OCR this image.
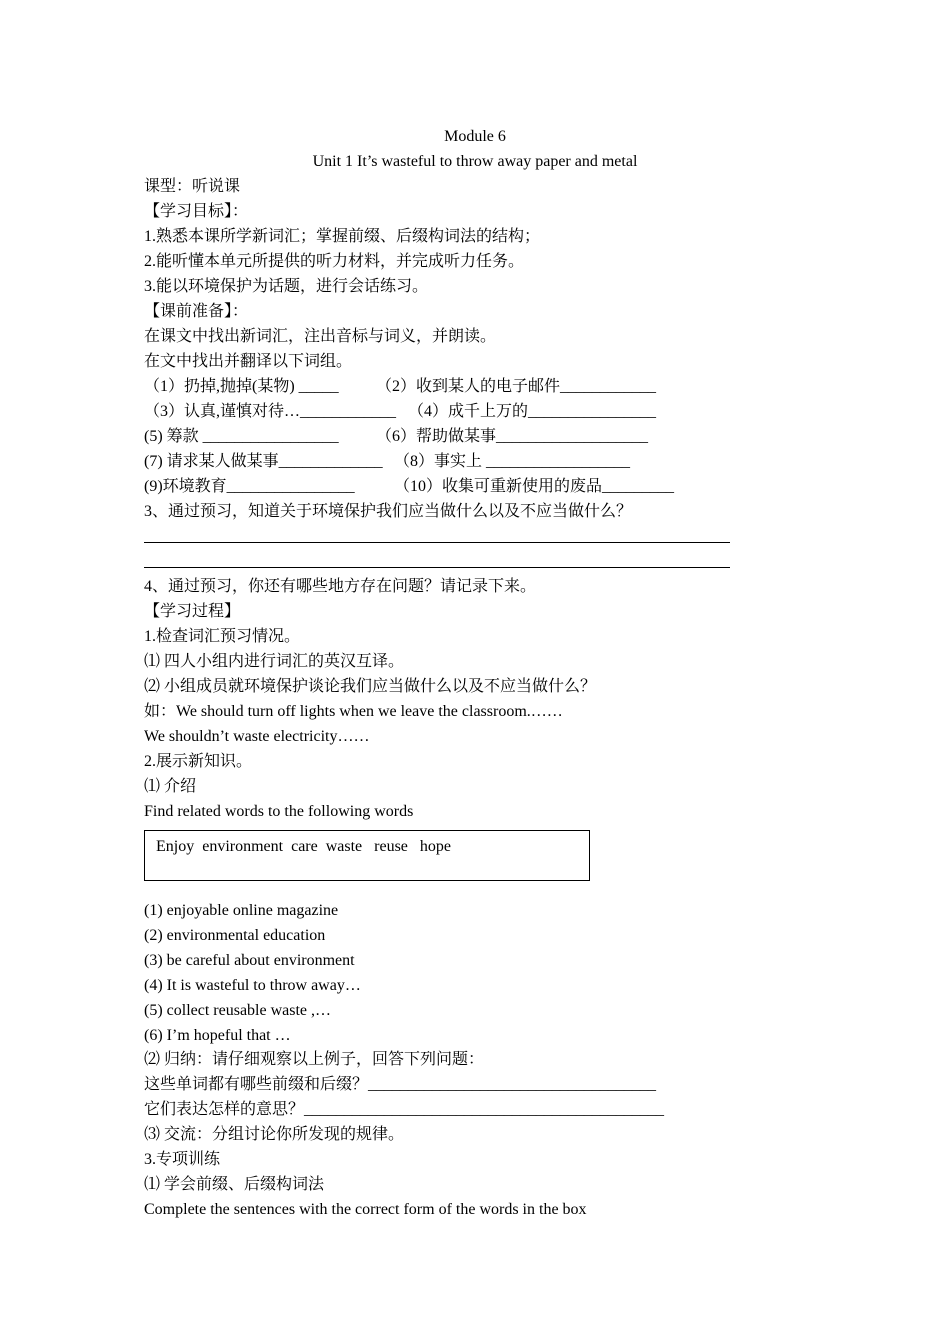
Module 6
Unit 1 It’s wasteful to throw away paper and metal
课型：听说课
【学习目标】：
1.熟悉本课所学新词汇；掌握前缀、后缀构词法的结构；
2.能听懂本单元所提供的听力材料，并完成听力任务。
3.能以环境保护为话题，进行会话练习。
【课前准备】：
在课文中找出新词汇，注出音标与词义，并朗读。
在文中找出并翻译以下词组。
（1）扔掉,抛掉(某物) _____ （2）收到某人的电子邮件____________
（3）认真,谨慎对待…____________ （4）成千上万的________________
(5) 筹款 _________________ （6）帮助做某事___________________
(7) 请求某人做某事_____________ （8）事实上 __________________
(9)环境教育________________ （10）收集可重新使用的废品_________
3、通过预习，知道关于环境保护我们应当做什么以及不应当做什么？
4、通过预习，你还有哪些地方存在问题？请记录下来。
【学习过程】
1.检查词汇预习情况。
⑴ 四人小组内进行词汇的英汉互译。
⑵ 小组成员就环境保护谈论我们应当做什么以及不应当做什么？
如：We should turn off lights when we leave the classroom.……
We shouldn’t waste electricity……
2.展示新知识。
⑴ 介绍
Find related words to the following words
Enjoy  environment  care  waste   reuse   hope
(1) enjoyable online magazine
(2) environmental education
(3) be careful about environment
(4) It is wasteful to throw away…
(5) collect reusable waste ,…
(6) I’m hopeful that …
⑵ 归纳：请仔细观察以上例子，回答下列问题：
这些单词都有哪些前缀和后缀？____________________________________
它们表达怎样的意思？_____________________________________________
⑶ 交流：分组讨论你所发现的规律。
3.专项训练
⑴ 学会前缀、后缀构词法
Complete the sentences with the correct form of the words in the box
